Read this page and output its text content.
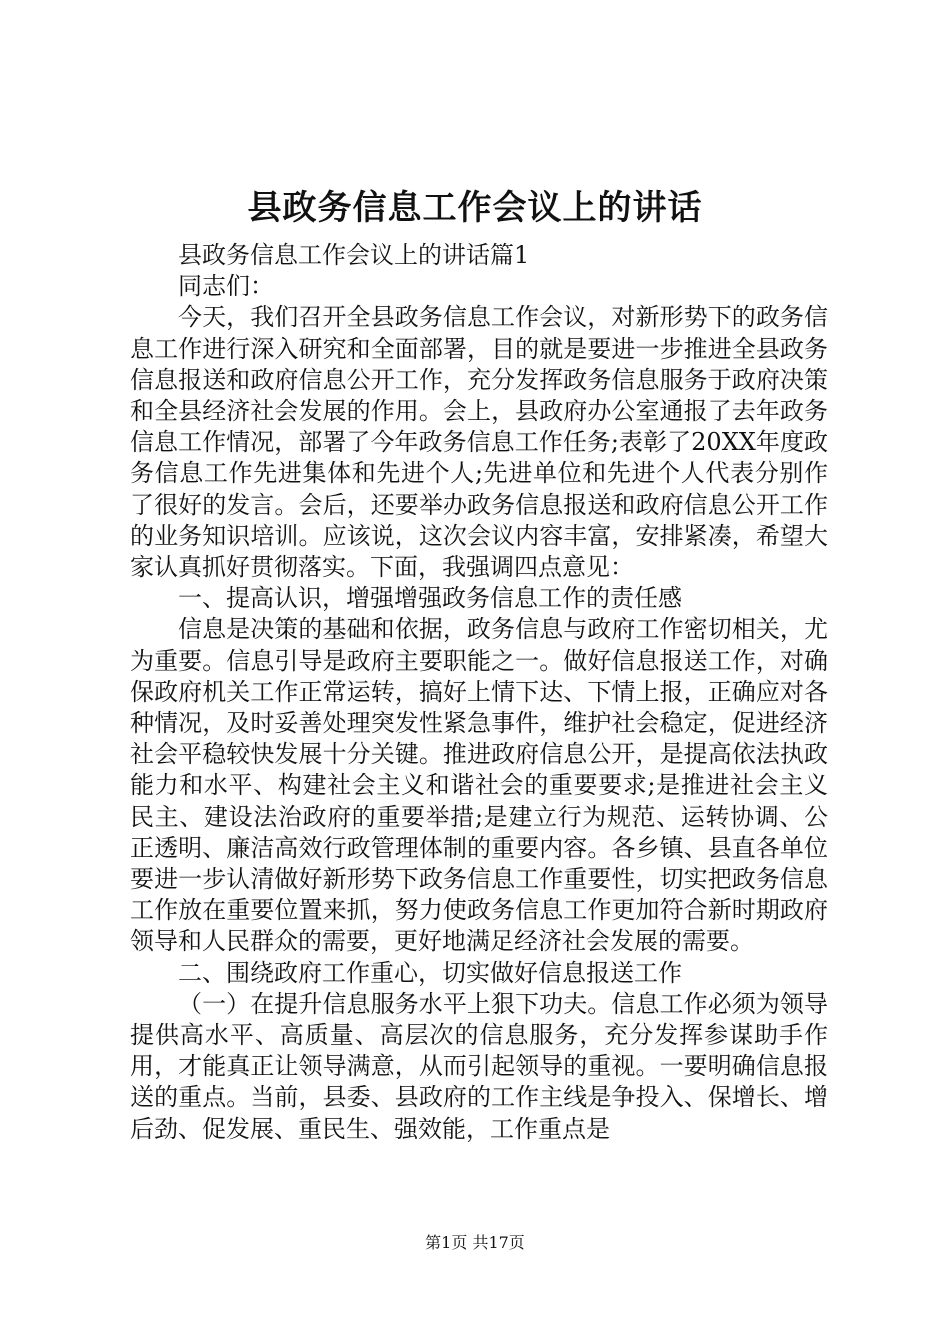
县政务信息工作会议上的讲话

县政务信息工作会议上的讲话篇1

同志们：

今天，我们召开全县政务信息工作会议，对新形势下的政务信息工作进行深入研究和全面部署，目的就是要进一步推进全县政务信息报送和政府信息公开工作，充分发挥政务信息服务于政府决策和全县经济社会发展的作用。会上，县政府办公室通报了去年政务信息工作情况，部署了今年政务信息工作任务;表彰了20XX年度政务信息工作先进集体和先进个人;先进单位和先进个人代表分别作了很好的发言。会后，还要举办政务信息报送和政府信息公开工作的业务知识培训。应该说，这次会议内容丰富，安排紧凑，希望大家认真抓好贯彻落实。下面，我强调四点意见：

一、提高认识，增强增强政务信息工作的责任感

信息是决策的基础和依据，政务信息与政府工作密切相关，尤为重要。信息引导是政府主要职能之一。做好信息报送工作，对确保政府机关工作正常运转，搞好上情下达、下情上报，正确应对各种情况，及时妥善处理突发性紧急事件，维护社会稳定，促进经济社会平稳较快发展十分关键。推进政府信息公开，是提高依法执政能力和水平、构建社会主义和谐社会的重要要求;是推进社会主义民主、建设法治政府的重要举措;是建立行为规范、运转协调、公正透明、廉洁高效行政管理体制的重要内容。各乡镇、县直各单位要进一步认清做好新形势下政务信息工作重要性，切实把政务信息工作放在重要位置来抓，努力使政务信息工作更加符合新时期政府领导和人民群众的需要，更好地满足经济社会发展的需要。

二、围绕政府工作重心，切实做好信息报送工作

（一）在提升信息服务水平上狠下功夫。信息工作必须为领导提供高水平、高质量、高层次的信息服务，充分发挥参谋助手作用，才能真正让领导满意，从而引起领导的重视。一要明确信息报送的重点。当前，县委、县政府的工作主线是争投入、保增长、增后劲、促发展、重民生、强效能，工作重点是

第1页 共17页
